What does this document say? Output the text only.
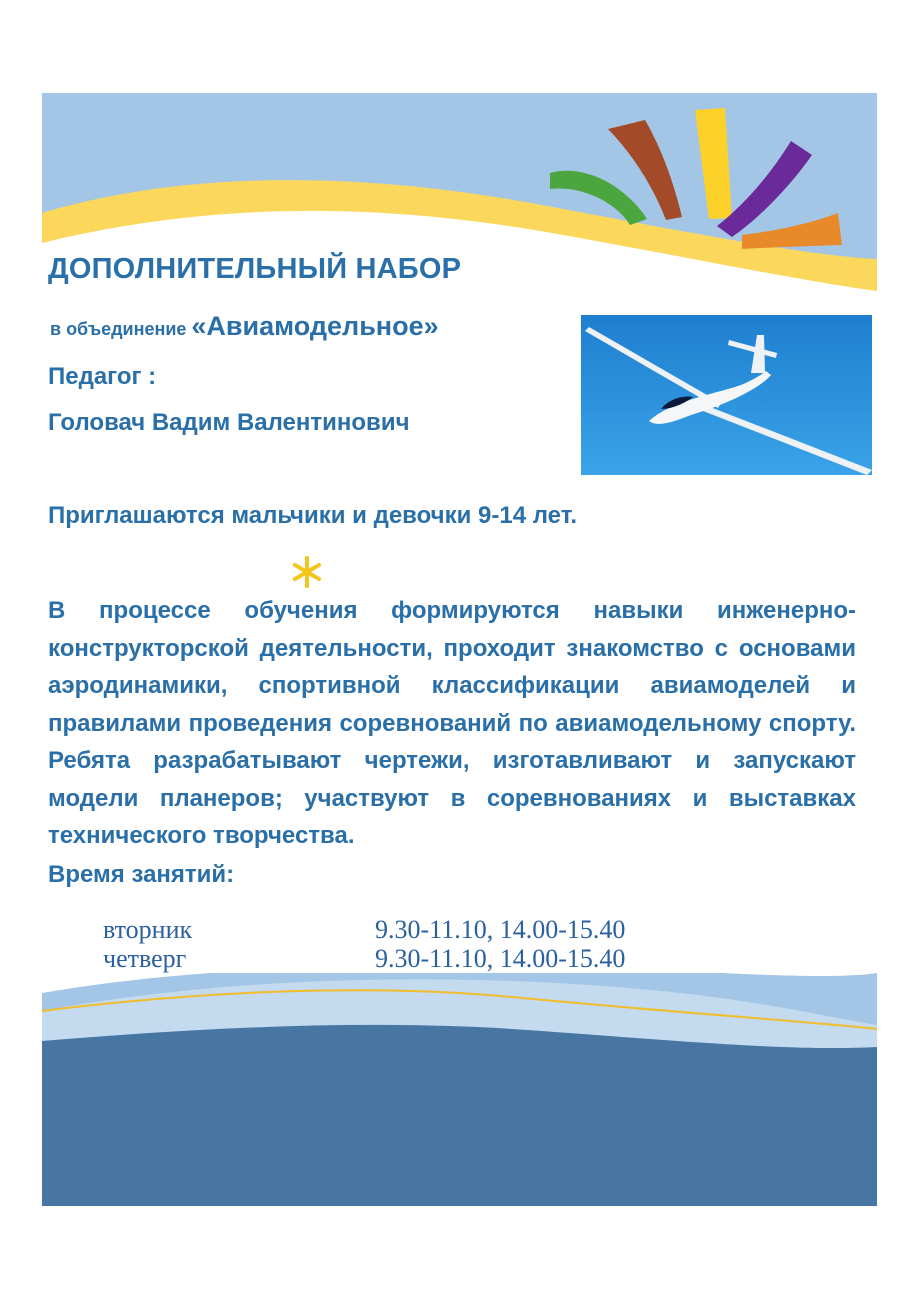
ДОПОЛНИТЕЛЬНЫЙ НАБОР
в объединение «Авиамодельное»
Педагог :
Головач Вадим Валентинович
Приглашаются мальчики и девочки 9-14 лет.
В процессе обучения формируются навыки инженерно-конструкторской деятельности, проходит знакомство с основами аэродинамики, спортивной классификации авиамоделей и правилами проведения соревнований по авиамодельному спорту. Ребята разрабатывают чертежи, изготавливают и запускают модели планеров; участвуют в соревнованиях и выставках технического творчества.
Время занятий:
вторник	9.30-11.10, 14.00-15.40
четверг	9.30-11.10, 14.00-15.40
